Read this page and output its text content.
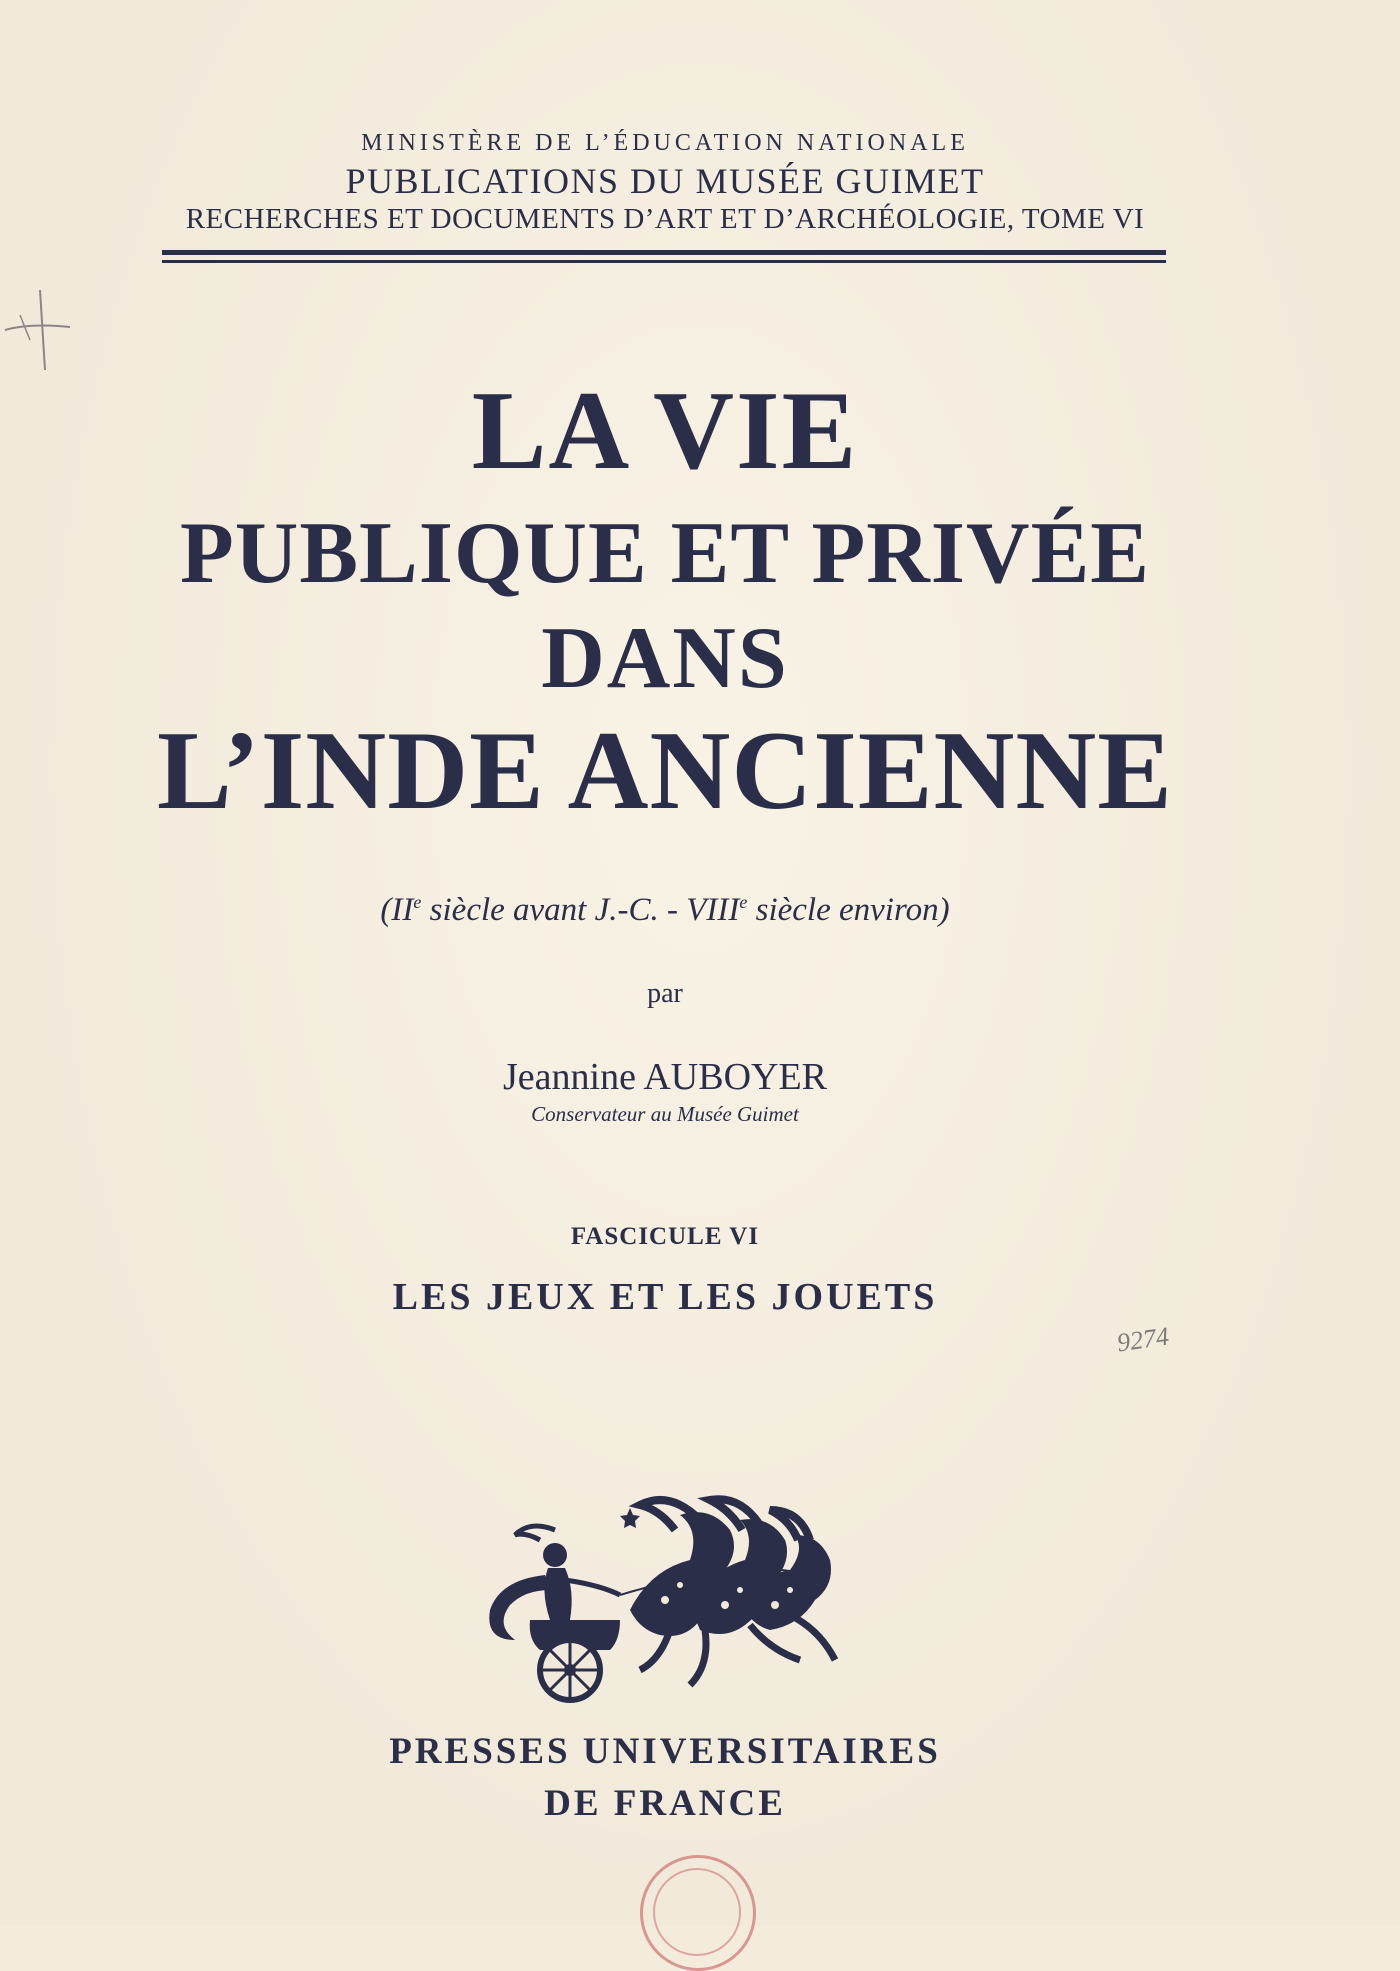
MINISTÈRE DE L’ÉDUCATION NATIONALE
PUBLICATIONS DU MUSÉE GUIMET
RECHERCHES ET DOCUMENTS D’ART ET D’ARCHÉOLOGIE, TOME VI
LA VIE
PUBLIQUE ET PRIVÉE
DANS
L’INDE ANCIENNE
(IIe siècle avant J.-C. - VIIIe siècle environ)
par
Jeannine AUBOYER
Conservateur au Musée Guimet
FASCICULE VI
LES JEUX ET LES JOUETS
9274
PRESSES UNIVERSITAIRES
DE FRANCE
